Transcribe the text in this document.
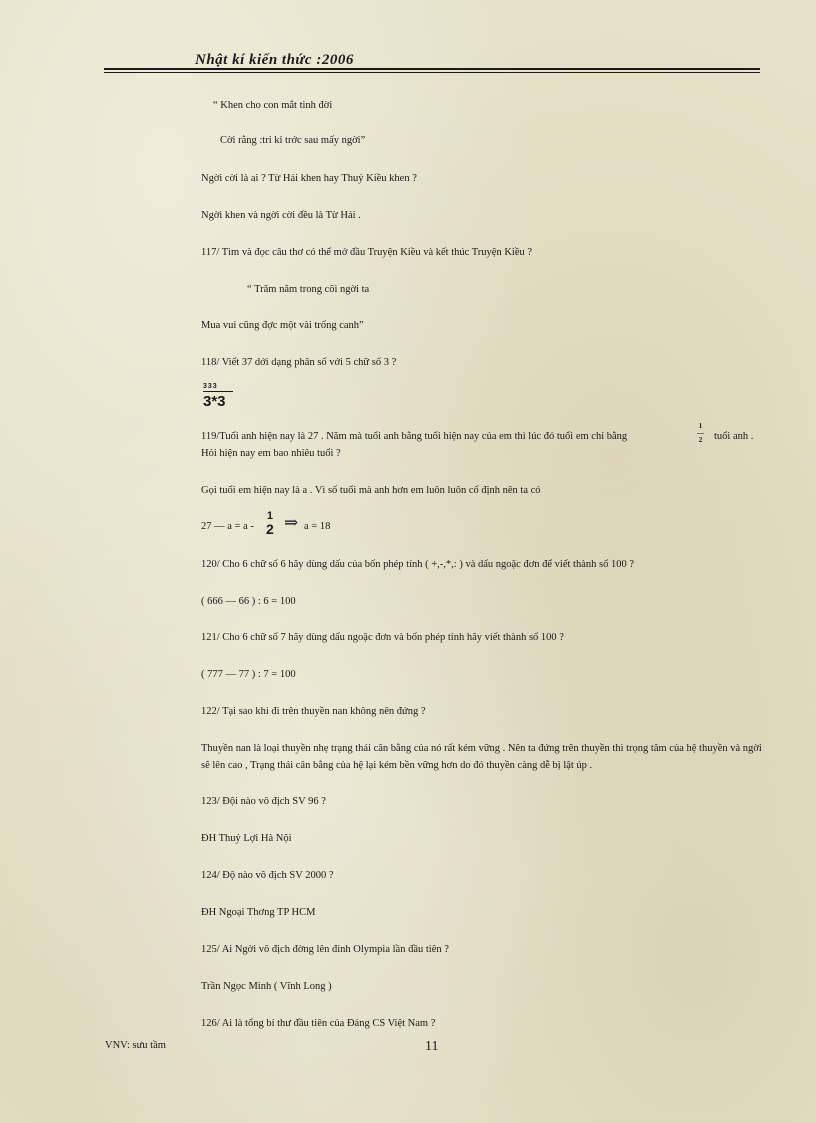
Nhật kí kiến thức :2006
“ Khen cho con mắt tinh đời
Cời rằng :tri kỉ trớc sau mấy ngời”
Ngời cời là ai ? Từ Hải khen hay Thuý Kiều khen ?
Ngời khen và ngời cời đều là Từ Hải .
117/ Tìm và đọc câu thơ có thể mở đầu Truyện Kiều và kết thúc Truyện Kiều ?
“ Trăm năm trong cõi ngời ta
Mua vui cũng đợc một vài trống canh”
118/ Viết 37 dới dạng phân số với 5 chữ số 3 ?
333
3*3
119/Tuổi anh hiện nay là 27 . Năm mà tuổi anh bằng tuổi hiện nay của em thì lúc đó tuổi em chỉ bằng
1
—
2 tuổi anh .
Hỏi hiện nay em bao nhiêu tuổi ?
Gọi tuổi em hiện nay là a . Vì số tuổi mà anh hơn em luôn luôn cố định nên ta có
27 — a = a -
1
2 ⇒ a = 18
120/ Cho 6 chữ số 6 hãy dùng dấu của bốn phép tính ( +,-,*,: ) và dấu ngoặc đơn để viết thành số 100 ?
( 666 — 66 ) : 6 = 100
121/ Cho 6 chữ số 7 hãy dùng dấu ngoặc đơn và bốn phép tính hãy viết thành số 100 ?
( 777 — 77 ) : 7 = 100
122/ Tại sao khi đi trên thuyền nan không nên đứng ?
Thuyền nan là loại thuyền nhẹ trạng thái cân bằng của nó rất kém vững . Nên ta đứng trên thuyền thì trọng tâm của hệ thuyền và ngời sẽ lên cao , Trạng thái cân bằng của hệ lại kém bền vững hơn do đó thuyền càng dễ bị lật úp .
123/ Đội nào vô địch SV 96 ?
ĐH Thuỷ Lợi Hà Nội
124/ Độ nào vô địch SV 2000 ?
ĐH Ngoại Thơng TP HCM
125/ Ai Ngời vô địch đờng lên đỉnh Olympia lần đầu tiên ?
Trần Ngọc Minh ( Vĩnh Long )
126/ Ai là tổng bí thư đầu tiên của Đảng CS Việt Nam ?
VNV: sưu tầm	11
